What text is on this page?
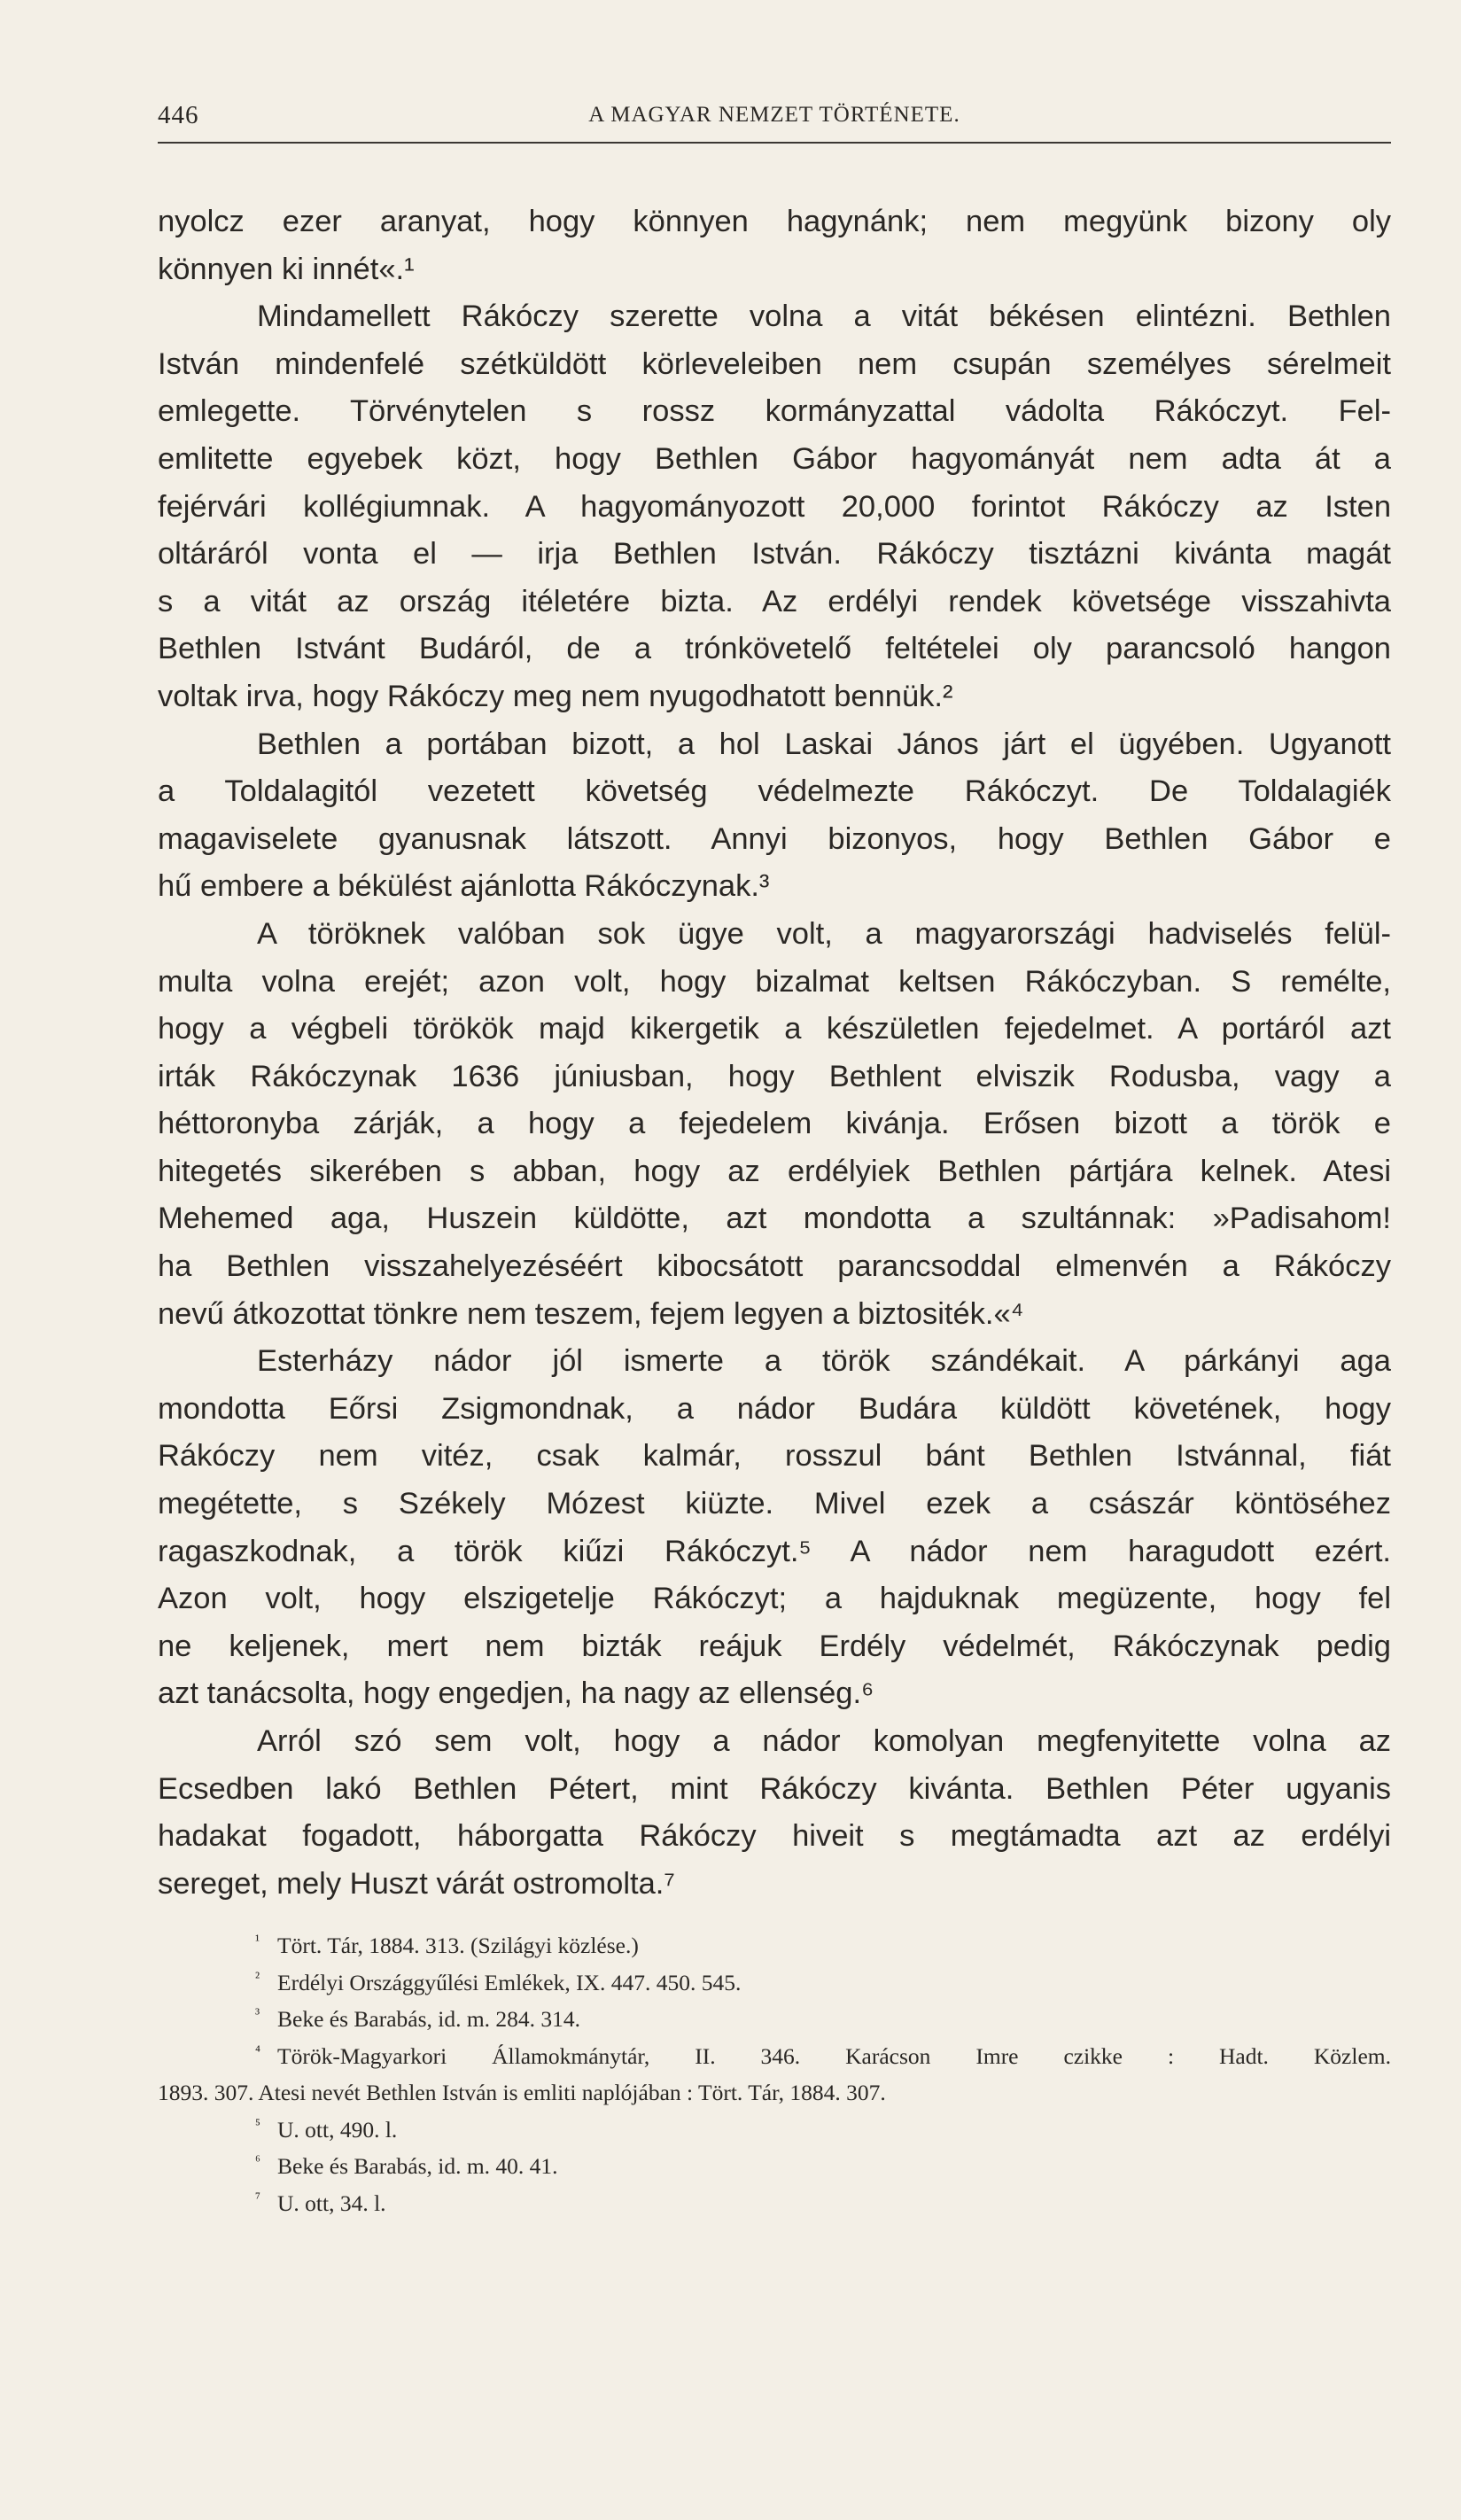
446	A MAGYAR NEMZET TÖRTÉNETE.

nyolcz ezer aranyat, hogy könnyen hagynánk; nem megyünk bizony oly

könnyen ki innét«.¹

Mindamellett Rákóczy szerette volna a vitát békésen elintézni. Bethlen

István mindenfelé szétküldött körleveleiben nem csupán személyes sérelmeit

emlegette. Törvénytelen s rossz kormányzattal vádolta Rákóczyt. Fel-

emlitette egyebek közt, hogy Bethlen Gábor hagyományát nem adta át a

fejérvári kollégiumnak. A hagyományozott 20,000 forintot Rákóczy az Isten

oltáráról vonta el — irja Bethlen István. Rákóczy tisztázni kivánta magát

s a vitát az ország itéletére bizta. Az erdélyi rendek követsége visszahivta

Bethlen Istvánt Budáról, de a trónkövetelő feltételei oly parancsoló hangon

voltak irva, hogy Rákóczy meg nem nyugodhatott bennük.²

Bethlen a portában bizott, a hol Laskai János járt el ügyében. Ugyanott

a Toldalagitól vezetett követség védelmezte Rákóczyt. De Toldalagiék

magaviselete gyanusnak látszott. Annyi bizonyos, hogy Bethlen Gábor e

hű embere a békülést ajánlotta Rákóczynak.³

A töröknek valóban sok ügye volt, a magyarországi hadviselés felül-

multa volna erejét; azon volt, hogy bizalmat keltsen Rákóczyban. S remélte,

hogy a végbeli törökök majd kikergetik a készületlen fejedelmet. A portáról azt

irták Rákóczynak 1636 júniusban, hogy Bethlent elviszik Rodusba, vagy a

héttoronyba zárják, a hogy a fejedelem kivánja. Erősen bizott a török e

hitegetés sikerében s abban, hogy az erdélyiek Bethlen pártjára kelnek. Atesi

Mehemed aga, Huszein küldötte, azt mondotta a szultánnak: »Padisahom!

ha Bethlen visszahelyezéséért kibocsátott parancsoddal elmenvén a Rákóczy

nevű átkozottat tönkre nem teszem, fejem legyen a biztositék.«⁴

Esterházy nádor jól ismerte a török szándékait. A párkányi aga

mondotta Eőrsi Zsigmondnak, a nádor Budára küldött követének, hogy

Rákóczy nem vitéz, csak kalmár, rosszul bánt Bethlen Istvánnal, fiát

megétette, s Székely Mózest kiüzte. Mivel ezek a császár köntöséhez

ragaszkodnak, a török kiűzi Rákóczyt.⁵ A nádor nem haragudott ezért.

Azon volt, hogy elszigetelje Rákóczyt; a hajduknak megüzente, hogy fel

ne keljenek, mert nem bizták reájuk Erdély védelmét, Rákóczynak pedig

azt tanácsolta, hogy engedjen, ha nagy az ellenség.⁶

Arról szó sem volt, hogy a nádor komolyan megfenyitette volna az

Ecsedben lakó Bethlen Pétert, mint Rákóczy kivánta. Bethlen Péter ugyanis

hadakat fogadott, háborgatta Rákóczy hiveit s megtámadta azt az erdélyi

sereget, mely Huszt várát ostromolta.⁷

¹ Tört. Tár, 1884. 313. (Szilágyi közlése.)
² Erdélyi Országgyűlési Emlékek, IX. 447. 450. 545.
³ Beke és Barabás, id. m. 284. 314.
⁴ Török-Magyarkori Államokmánytár, II. 346. Karácson Imre czikke : Hadt. Közlem.

1893. 307. Atesi nevét Bethlen István is emliti naplójában : Tört. Tár, 1884. 307.

⁵ U. ott, 490. l.
⁶ Beke és Barabás, id. m. 40. 41.
⁷ U. ott, 34. l.
